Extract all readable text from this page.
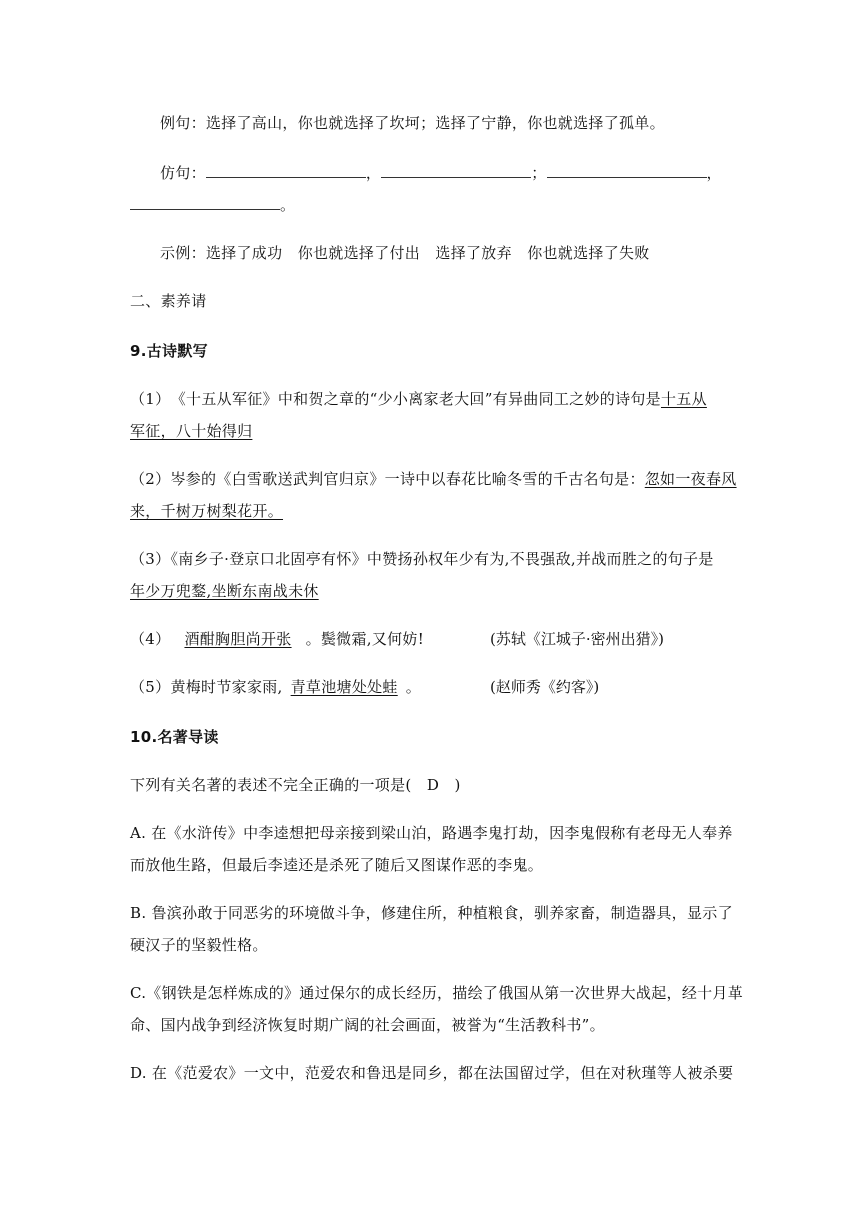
例句：选择了高山，你也就选择了坎坷；选择了宁静，你也就选择了孤单。
仿句：	，	；	，
。
示例：选择了成功　你也就选择了付出　选择了放弃　你也就选择了失败
二、素养请
9.古诗默写
（1）　《十五从军征》中和贺之章的“少小离家老大回”有异曲同工之妙的诗句是十五从
军征，八十始得归
（2）岑参的《白雪歌送武判官归京》一诗中以春花比喻冬雪的千古名句是：忽如一夜春风
来，千树万树梨花开。
（3）《南乡子·登京口北固亭有怀》中赞扬孙权年少有为,不畏强敌,并战而胜之的句子是
年少万兜鍪,坐断东南战未休
（4） 酒酣胸胆尚开张 。鬓微霜,又何妨!	(苏轼《江城子·密州出猎》)
（5）黄梅时节家家雨, 青草池塘处处蛙 。	(赵师秀《约客》)
10.名著导读
下列有关名著的表述不完全正确的一项是(　D　)
A. 在《水浒传》中李逵想把母亲接到梁山泊，路遇李鬼打劫，因李鬼假称有老母无人奉养
而放他生路，但最后李逵还是杀死了随后又图谋作恶的李鬼。
B. 鲁滨孙敢于同恶劣的环境做斗争，修建住所，种植粮食，驯养家畜，制造器具，显示了
硬汉子的坚毅性格。
C.《钢铁是怎样炼成的》通过保尔的成长经历，描绘了俄国从第一次世界大战起，经十月革
命、国内战争到经济恢复时期广阔的社会画面，被誉为“生活教科书”。
D. 在《范爱农》一文中，范爱农和鲁迅是同乡，都在法国留过学，但在对秋瑾等人被杀要
